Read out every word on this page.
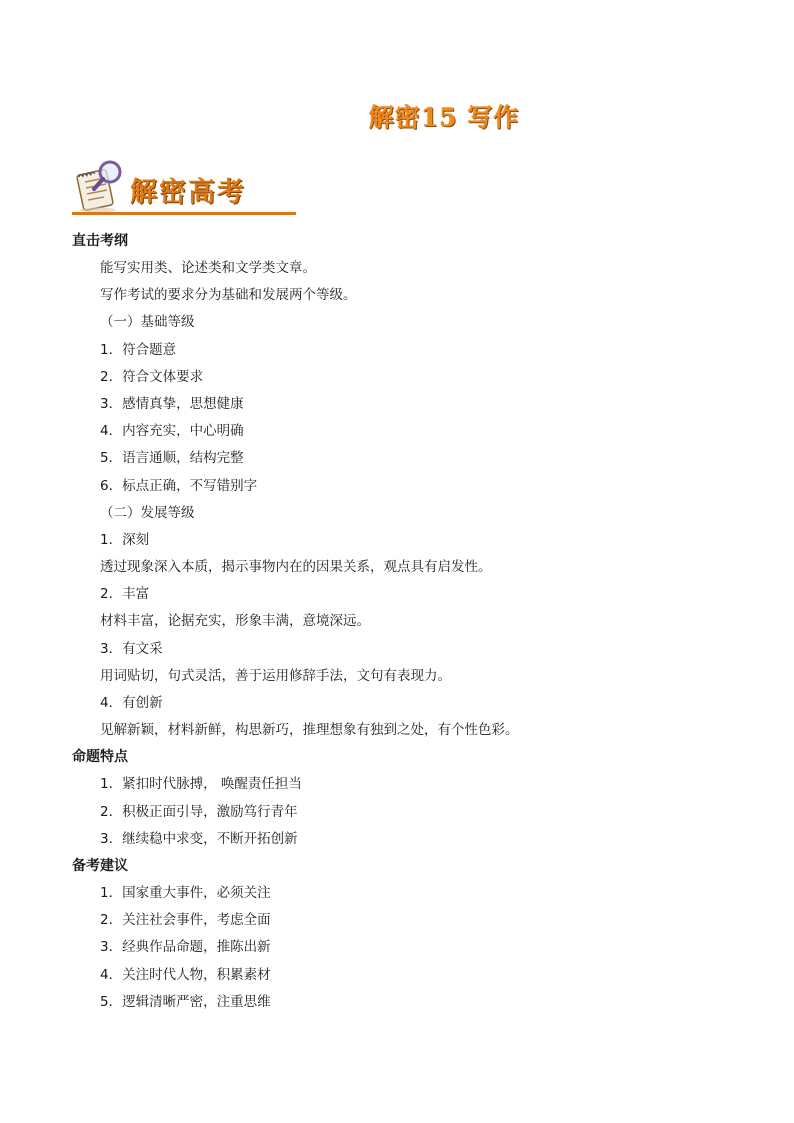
解密15 写作
解密高考
直击考纲
能写实用类、论述类和文学类文章。
写作考试的要求分为基础和发展两个等级。
（一）基础等级
1．符合题意
2．符合文体要求
3．感情真挚，思想健康
4．内容充实，中心明确
5．语言通顺，结构完整
6．标点正确，不写错别字
（二）发展等级
1．深刻
透过现象深入本质，揭示事物内在的因果关系，观点具有启发性。
2．丰富
材料丰富，论据充实，形象丰满，意境深远。
3．有文采
用词贴切，句式灵活，善于运用修辞手法，文句有表现力。
4．有创新
见解新颖，材料新鲜，构思新巧，推理想象有独到之处，有个性色彩。
命题特点
1．紧扣时代脉搏， 唤醒责任担当
2．积极正面引导，激励笃行青年
3．继续稳中求变，不断开拓创新
备考建议
1．国家重大事件，必须关注
2．关注社会事件，考虑全面
3．经典作品命题，推陈出新
4．关注时代人物，积累素材
5．逻辑清晰严密，注重思维
